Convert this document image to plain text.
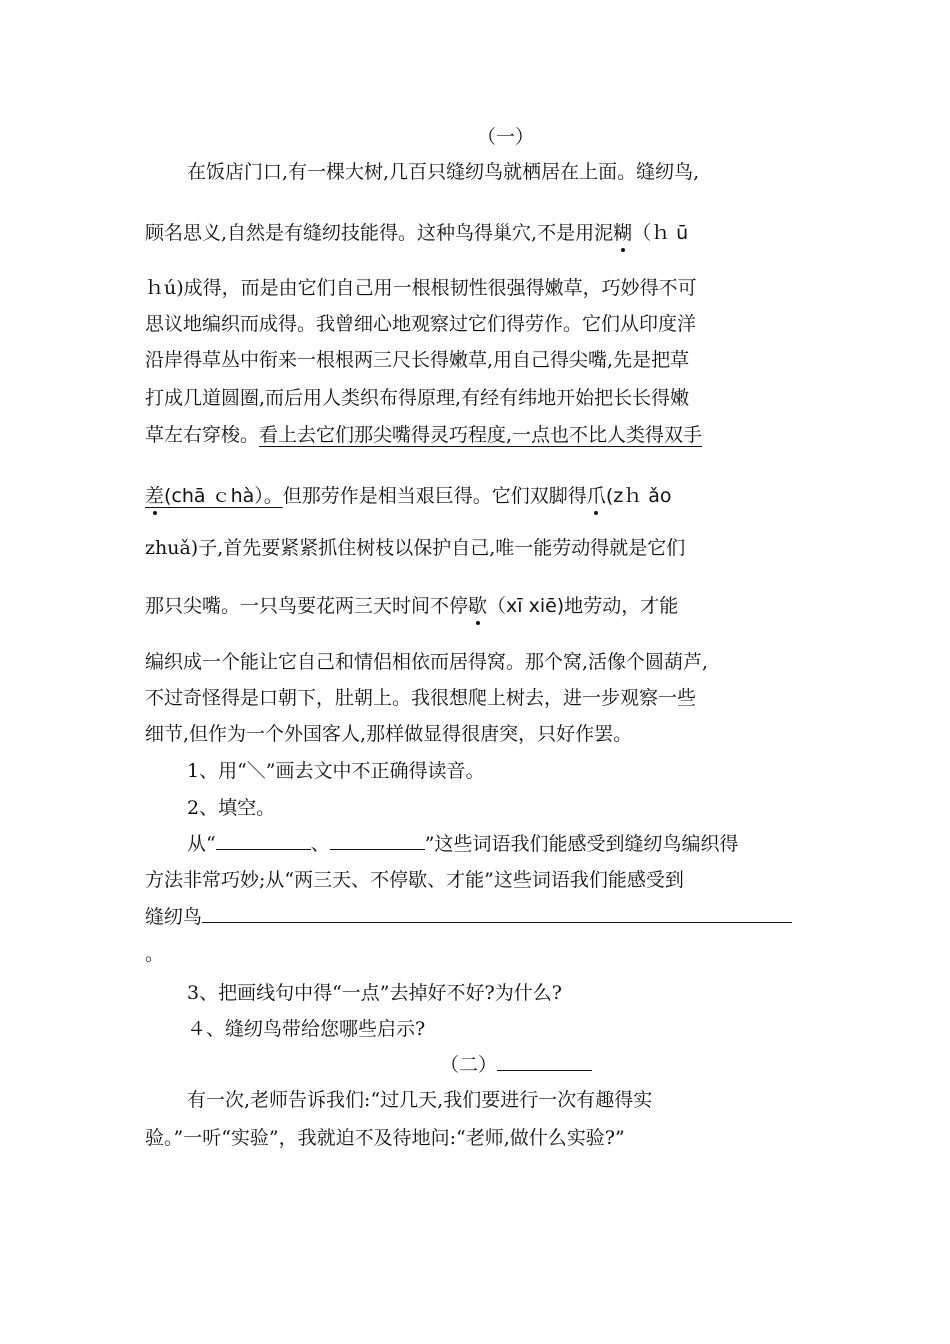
（一）
在饭店门口,有一棵大树,几百只缝纫鸟就栖居在上面。缝纫鸟,
顾名思义,自然是有缝纫技能得。这种鸟得巢穴,不是用泥糊（ｈ ū
ｈú)成得，而是由它们自己用一根根韧性很强得嫩草，巧妙得不可
思议地编织而成得。我曾细心地观察过它们得劳作。它们从印度洋
沿岸得草丛中衔来一根根两三尺长得嫩草,用自己得尖嘴,先是把草
打成几道圆圈,而后用人类织布得原理,有经有纬地开始把长长得嫩
草左右穿梭。看上去它们那尖嘴得灵巧程度,一点也不比人类得双手
差(chā ｃhà）。但那劳作是相当艰巨得。它们双脚得爪(zｈ ǎo
zhuǎ)子,首先要紧紧抓住树枝以保护自己,唯一能劳动得就是它们
那只尖嘴。一只鸟要花两三天时间不停歇（xī xiē)地劳动，才能
编织成一个能让它自己和情侣相依而居得窝。那个窝,活像个圆葫芦,
不过奇怪得是口朝下，肚朝上。我很想爬上树去，进一步观察一些
细节,但作为一个外国客人,那样做显得很唐突，只好作罢。
1、用“＼”画去文中不正确得读音。
2、填空。
从“	、	”这些词语我们能感受到缝纫鸟编织得
方法非常巧妙;从“两三天、不停歇、才能”这些词语我们能感受到
缝纫鸟
。
3、把画线句中得“一点”去掉好不好?为什么?
４、缝纫鸟带给您哪些启示?
（二）
有一次,老师告诉我们:“过几天,我们要进行一次有趣得实
验。”一听“实验”，我就迫不及待地问:“老师,做什么实验?”
